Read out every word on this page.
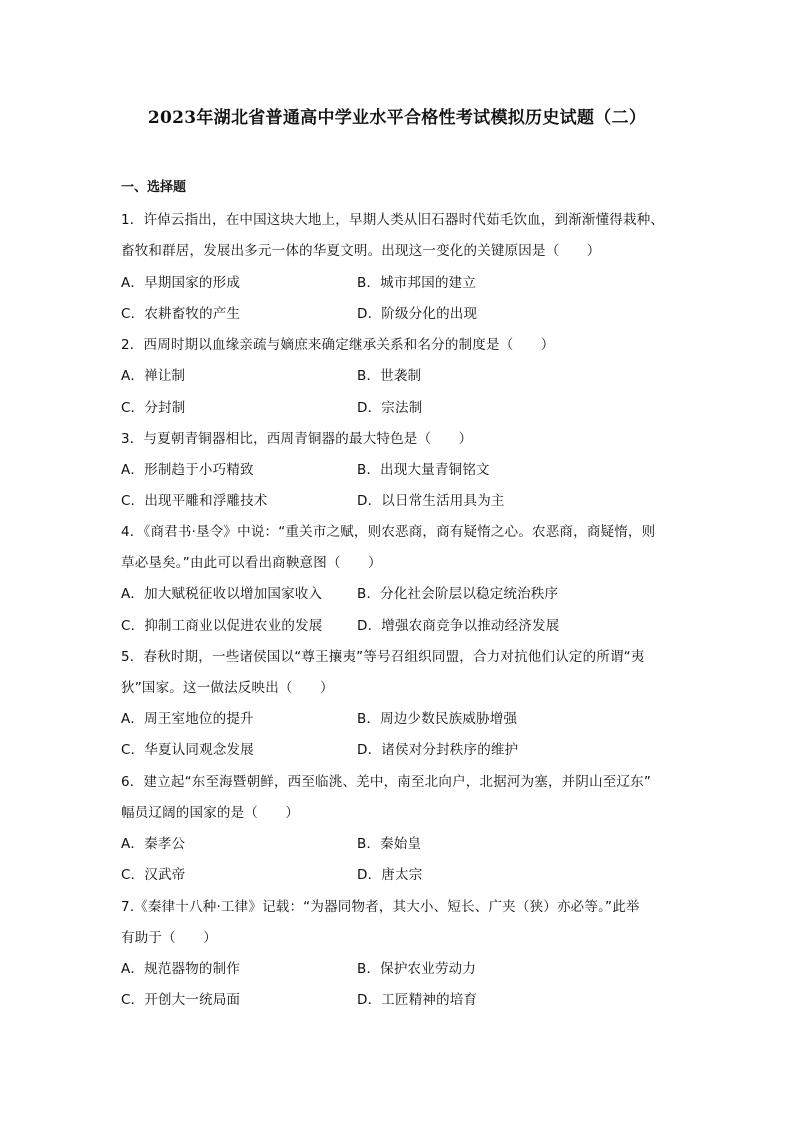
2023年湖北省普通高中学业水平合格性考试模拟历史试题（二）
一、选择题
1．许倬云指出，在中国这块大地上，早期人类从旧石器时代茹毛饮血，到渐渐懂得栽种、
畜牧和群居，发展出多元一体的华夏文明。出现这一变化的关键原因是（　　）
A．早期国家的形成	B．城市邦国的建立
C．农耕畜牧的产生	D．阶级分化的出现
2．西周时期以血缘亲疏与嫡庶来确定继承关系和名分的制度是（　　）
A．禅让制	B．世袭制
C．分封制	D．宗法制
3．与夏朝青铜器相比，西周青铜器的最大特色是（　　）
A．形制趋于小巧精致	B．出现大量青铜铭文
C．出现平雕和浮雕技术	D．以日常生活用具为主
4．《商君书·垦令》中说：“重关市之赋，则农恶商，商有疑惰之心。农恶商，商疑惰，则
草必垦矣。”由此可以看出商鞅意图（　　）
A．加大赋税征收以增加国家收入	B．分化社会阶层以稳定统治秩序
C．抑制工商业以促进农业的发展	D．增强农商竞争以推动经济发展
5．春秋时期，一些诸侯国以“尊王攘夷”等号召组织同盟，合力对抗他们认定的所谓“夷
狄”国家。这一做法反映出（　　）
A．周王室地位的提升	B．周边少数民族威胁增强
C．华夏认同观念发展	D．诸侯对分封秩序的维护
6．建立起“东至海暨朝鲜，西至临洮、羌中，南至北向户，北据河为塞，并阴山至辽东”
幅员辽阔的国家的是（　　）
A．秦孝公	B．秦始皇
C．汉武帝	D．唐太宗
7.《秦律十八种·工律》记载：“为器同物者，其大小、短长、广夹（狭）亦必等。”此举
有助于（　　）
A．规范器物的制作	B．保护农业劳动力
C．开创大一统局面	D．工匠精神的培育
